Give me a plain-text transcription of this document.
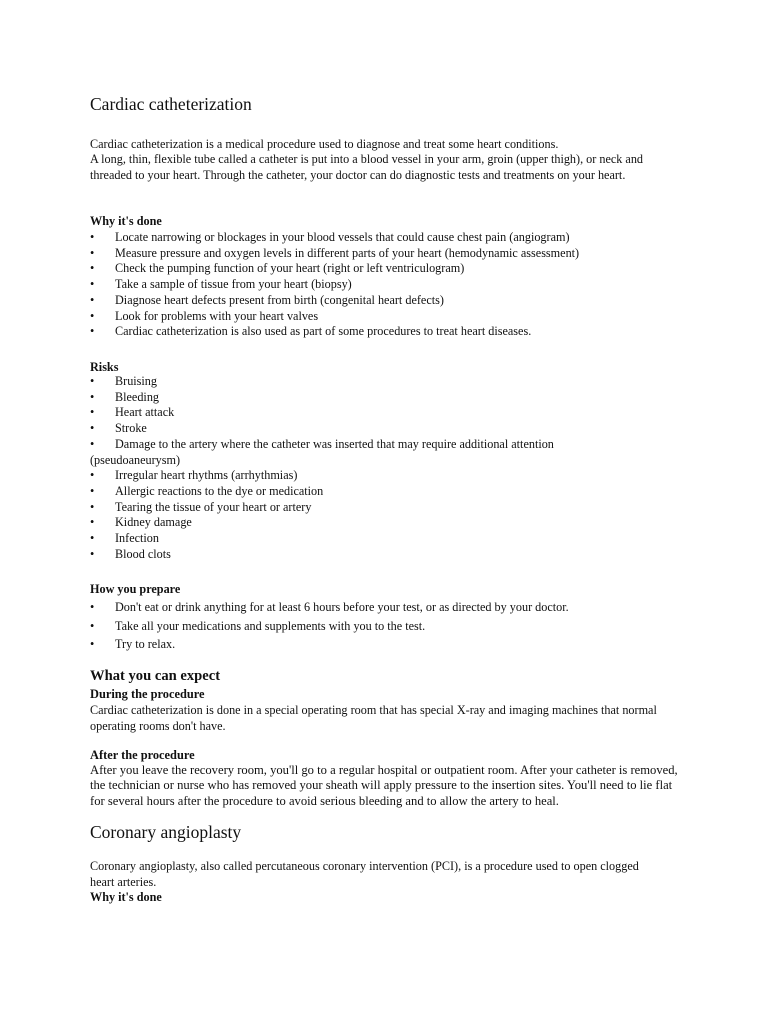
Cardiac catheterization

Cardiac catheterization is a medical procedure used to diagnose and treat some heart conditions.

A long, thin, flexible tube called a catheter is put into a blood vessel in your arm, groin (upper thigh), or neck and threaded to your heart. Through the catheter, your doctor can do diagnostic tests and treatments on your heart.

Why it's done
•	Locate narrowing or blockages in your blood vessels that could cause chest pain (angiogram)
•	Measure pressure and oxygen levels in different parts of your heart (hemodynamic assessment)
•	Check the pumping function of your heart (right or left ventriculogram)
•	Take a sample of tissue from your heart (biopsy)
•	Diagnose heart defects present from birth (congenital heart defects)
•	Look for problems with your heart valves
•	Cardiac catheterization is also used as part of some procedures to treat heart diseases.
Risks
•	Bruising
•	Bleeding
•	Heart attack
•	Stroke
• Damage to the artery where the catheter was inserted that may require additional attention (pseudoaneurysm)
•	Irregular heart rhythms (arrhythmias)
•	Allergic reactions to the dye or medication
•	Tearing the tissue of your heart or artery
•	Kidney damage
•	Infection
•	Blood clots
How you prepare
•	Don't eat or drink anything for at least 6 hours before your test, or as directed by your doctor.
•	Take all your medications and supplements with you to the test.
•	Try to relax.
What you can expect
During the procedure

Cardiac catheterization is done in a special operating room that has special X-ray and imaging machines that normal operating rooms don't have.

After the procedure

After you leave the recovery room, you'll go to a regular hospital or outpatient room. After your catheter is removed, the technician or nurse who has removed your sheath will apply pressure to the insertion sites. You'll need to lie flat for several hours after the procedure to avoid serious bleeding and to allow the artery to heal.

Coronary angioplasty

Coronary angioplasty, also called percutaneous coronary intervention (PCI), is a procedure used to open clogged heart arteries.

Why it's done
